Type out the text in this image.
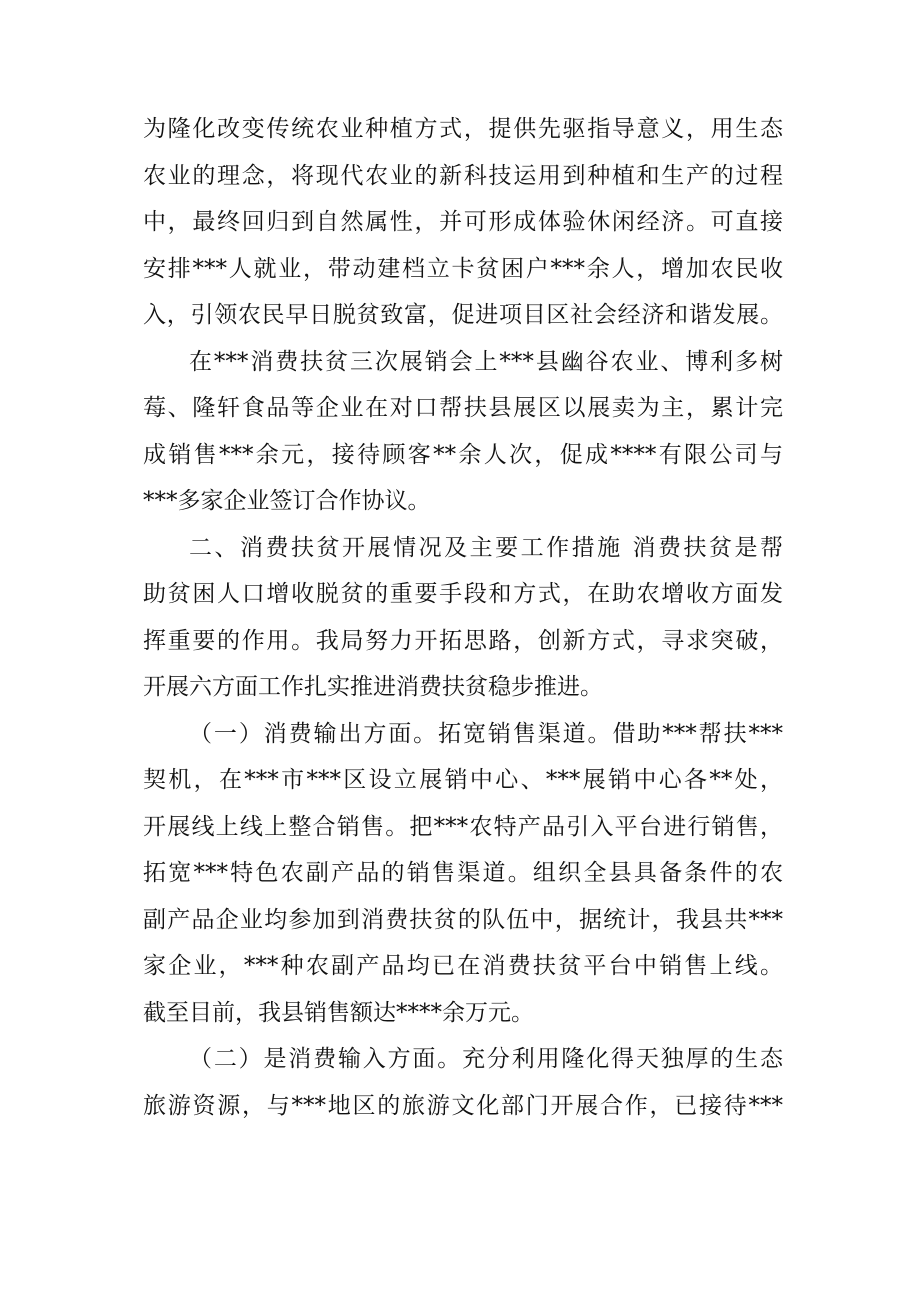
为隆化改变传统农业种植方式，提供先驱指导意义，用生态
农业的理念，将现代农业的新科技运用到种植和生产的过程
中，最终回归到自然属性，并可形成体验休闲经济。可直接
安排***人就业，带动建档立卡贫困户***余人，增加农民收
入，引领农民早日脱贫致富，促进项目区社会经济和谐发展。
在***消费扶贫三次展销会上***县幽谷农业、博利多树
莓、隆轩食品等企业在对口帮扶县展区以展卖为主，累计完
成销售***余元，接待顾客**余人次，促成****有限公司与
***多家企业签订合作协议。
二、消费扶贫开展情况及主要工作措施 消费扶贫是帮
助贫困人口增收脱贫的重要手段和方式，在助农增收方面发
挥重要的作用。我局努力开拓思路，创新方式，寻求突破，
开展六方面工作扎实推进消费扶贫稳步推进。
（一）消费输出方面。拓宽销售渠道。借助***帮扶***
契机，在***市***区设立展销中心、***展销中心各**处，
开展线上线上整合销售。把***农特产品引入平台进行销售，
拓宽***特色农副产品的销售渠道。组织全县具备条件的农
副产品企业均参加到消费扶贫的队伍中，据统计，我县共***
家企业，***种农副产品均已在消费扶贫平台中销售上线。
截至目前，我县销售额达****余万元。
（二）是消费输入方面。充分利用隆化得天独厚的生态
旅游资源，与***地区的旅游文化部门开展合作，已接待***
